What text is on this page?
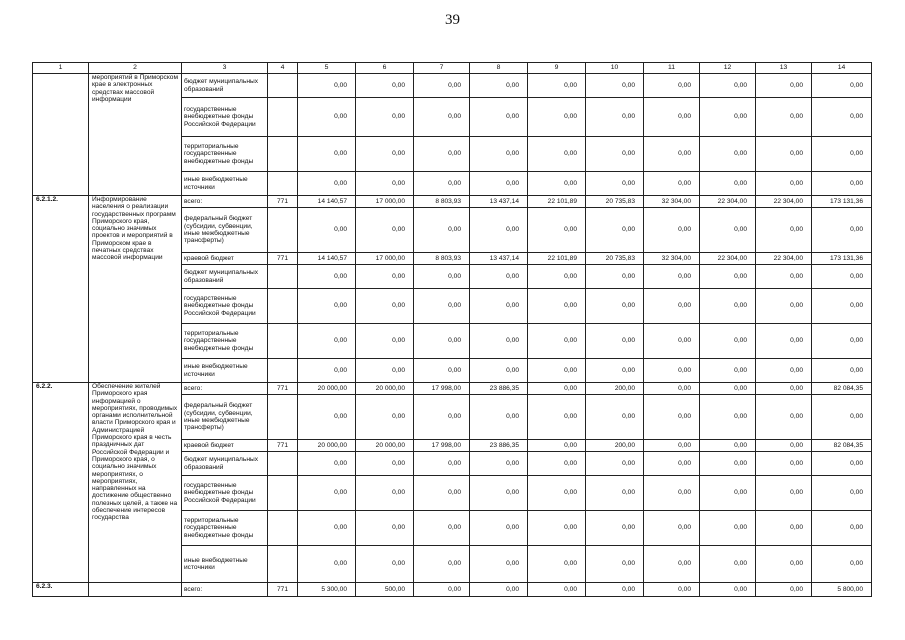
39
1	2	3	4	5	6	7	8	9	10	11	12	13	14
	мероприятий в Приморском крае в электронных средствах массовой информации	бюджет муниципальных образований		0,00	0,00	0,00	0,00	0,00	0,00	0,00	0,00	0,00	0,00
		государственные внебюджетные фонды Российской Федерации		0,00	0,00	0,00	0,00	0,00	0,00	0,00	0,00	0,00	0,00
		территориальные государственные внебюджетные фонды		0,00	0,00	0,00	0,00	0,00	0,00	0,00	0,00	0,00	0,00
		иные внебюджетные источники		0,00	0,00	0,00	0,00	0,00	0,00	0,00	0,00	0,00	0,00
6.2.1.2.	Информирование населения о реализации государственных программ Приморского края, социально значимых проектов и мероприятий в Приморском крае в печатных средствах массовой информации	всего:	771	14 140,57	17 000,00	8 803,93	13 437,14	22 101,89	20 735,83	32 304,00	22 304,00	22 304,00	173 131,36
		федеральный бюджет (субсидии, субвенции, иные межбюджетные трансферты)		0,00	0,00	0,00	0,00	0,00	0,00	0,00	0,00	0,00	0,00
		краевой бюджет	771	14 140,57	17 000,00	8 803,93	13 437,14	22 101,89	20 735,83	32 304,00	22 304,00	22 304,00	173 131,36
		бюджет муниципальных образований		0,00	0,00	0,00	0,00	0,00	0,00	0,00	0,00	0,00	0,00
		государственные внебюджетные фонды Российской Федерации		0,00	0,00	0,00	0,00	0,00	0,00	0,00	0,00	0,00	0,00
		территориальные государственные внебюджетные фонды		0,00	0,00	0,00	0,00	0,00	0,00	0,00	0,00	0,00	0,00
		иные внебюджетные источники		0,00	0,00	0,00	0,00	0,00	0,00	0,00	0,00	0,00	0,00
6.2.2.	Обеспечение жителей Приморского края информацией о мероприятиях, проводимых органами исполнительной власти Приморского края и Администрацией Приморского края в честь праздничных дат Российской Федерации и Приморского края, о социально значимых мероприятиях, о мероприятиях, направленных на достижение общественно полезных целей, а также на обеспечение интересов государства	всего:	771	20 000,00	20 000,00	17 998,00	23 886,35	0,00	200,00	0,00	0,00	0,00	82 084,35
		федеральный бюджет (субсидии, субвенции, иные межбюджетные трансферты)		0,00	0,00	0,00	0,00	0,00	0,00	0,00	0,00	0,00	0,00
		краевой бюджет	771	20 000,00	20 000,00	17 998,00	23 886,35	0,00	200,00	0,00	0,00	0,00	82 084,35
		бюджет муниципальных образований		0,00	0,00	0,00	0,00	0,00	0,00	0,00	0,00	0,00	0,00
		государственные внебюджетные фонды Российской Федерации		0,00	0,00	0,00	0,00	0,00	0,00	0,00	0,00	0,00	0,00
		территориальные государственные внебюджетные фонды		0,00	0,00	0,00	0,00	0,00	0,00	0,00	0,00	0,00	0,00
		иные внебюджетные источники		0,00	0,00	0,00	0,00	0,00	0,00	0,00	0,00	0,00	0,00
6.2.3.		всего:	771	5 300,00	500,00	0,00	0,00	0,00	0,00	0,00	0,00	0,00	5 800,00
